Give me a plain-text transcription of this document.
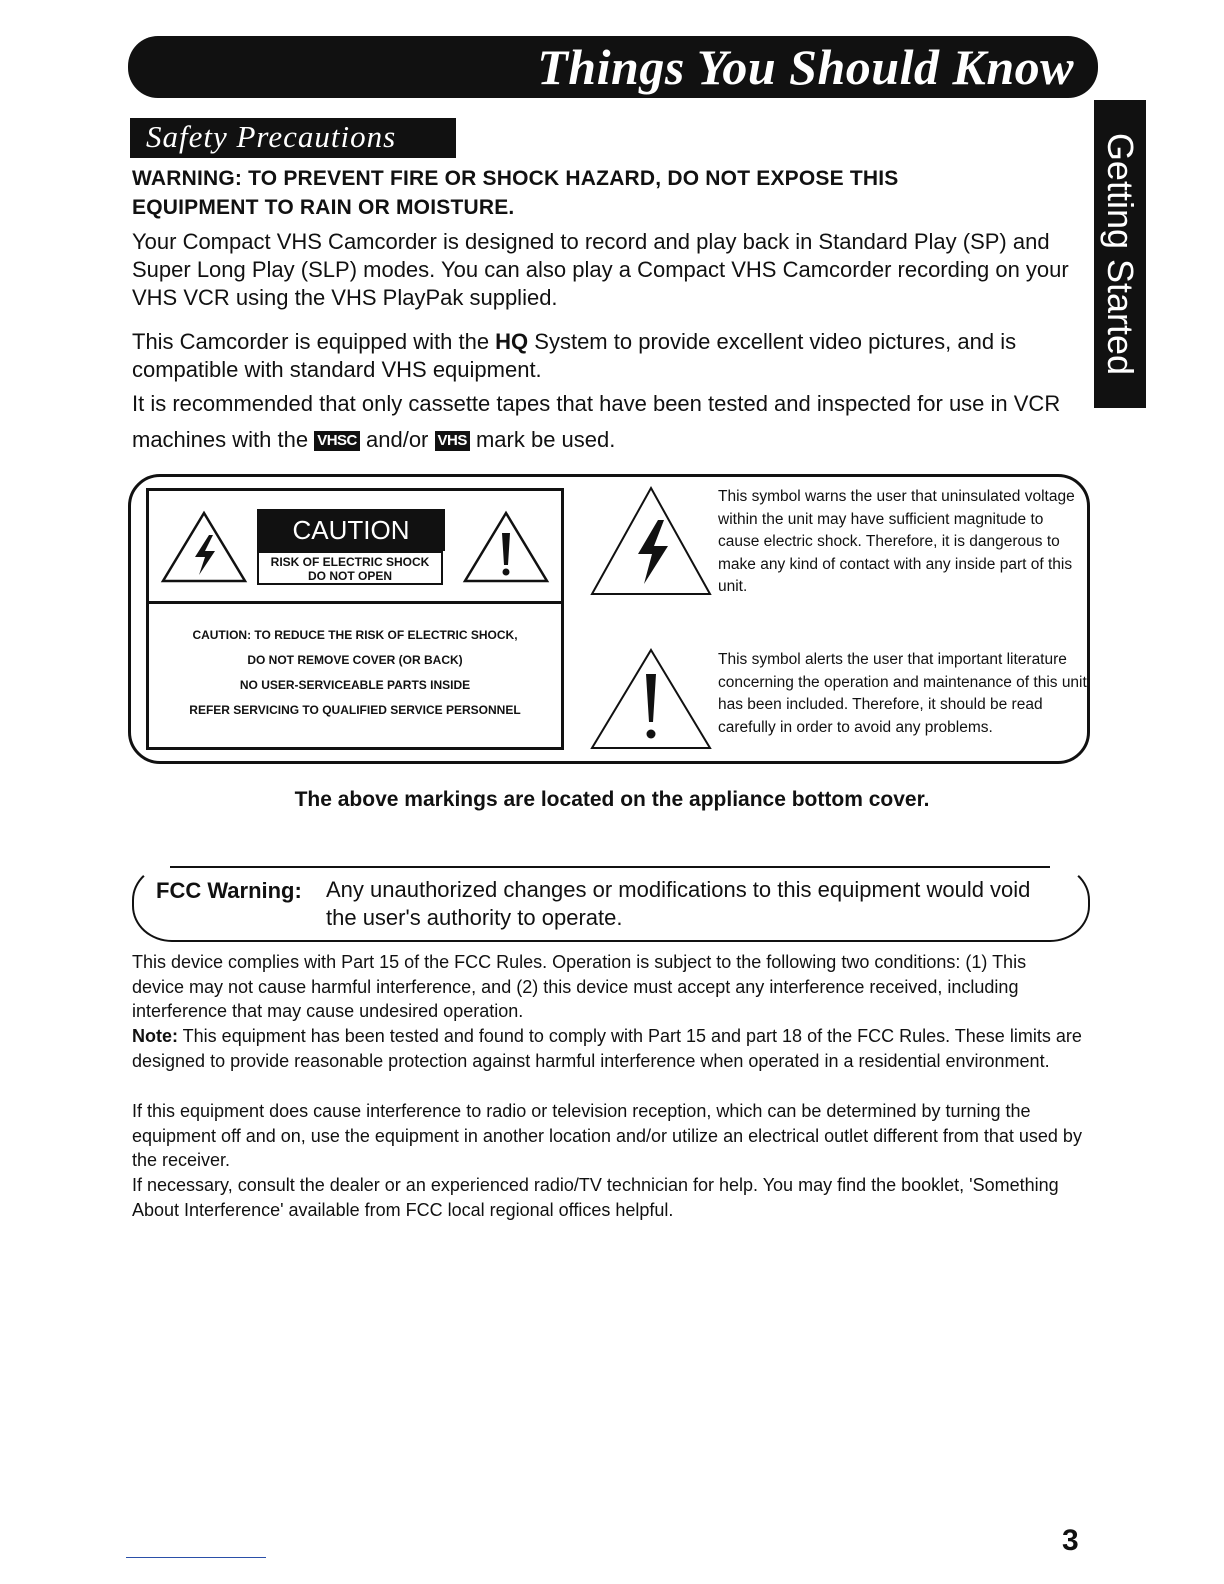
Things You Should Know
Getting Started
Safety Precautions
WARNING: TO PREVENT FIRE OR SHOCK HAZARD, DO NOT EXPOSE THIS
EQUIPMENT TO RAIN OR MOISTURE.
Your Compact VHS Camcorder is designed to record and play back in Standard Play (SP) and Super Long Play (SLP) modes. You can also play a Compact VHS Camcorder recording on your VHS VCR using the VHS PlayPak supplied.
This Camcorder is equipped with the HQ System to provide excellent video pictures, and is compatible with standard VHS equipment.
It is recommended that only cassette tapes that have been tested and inspected for use in VCR machines with the VHSC and/or VHS mark be used.
CAUTION
RISK OF ELECTRIC SHOCK
DO NOT OPEN
CAUTION: TO REDUCE THE RISK OF ELECTRIC SHOCK,
DO NOT REMOVE COVER (OR BACK)
NO USER-SERVICEABLE PARTS INSIDE
REFER SERVICING TO QUALIFIED SERVICE PERSONNEL
This symbol warns the user that uninsulated voltage within the unit may have sufficient magnitude to cause electric shock. Therefore, it is dangerous to make any kind of contact with any inside part of this unit.
This symbol alerts the user that important literature concerning the operation and maintenance of this unit has been included. Therefore, it should be read carefully in order to avoid any problems.
The above markings are located on the appliance bottom cover.
FCC Warning: Any unauthorized changes or modifications to this equipment would void the user's authority to operate.
This device complies with Part 15 of the FCC Rules. Operation is subject to the following two conditions: (1) This device may not cause harmful interference, and (2) this device must accept any interference received, including interference that may cause undesired operation.
Note: This equipment has been tested and found to comply with Part 15 and part 18 of the FCC Rules. These limits are designed to provide reasonable protection against harmful interference when operated in a residential environment.
If this equipment does cause interference to radio or television reception, which can be determined by turning the equipment off and on, use the equipment in another location and/or utilize an electrical outlet different from that used by the receiver.
If necessary, consult the dealer or an experienced radio/TV technician for help. You may find the booklet, 'Something About Interference' available from FCC local regional offices helpful.
3
